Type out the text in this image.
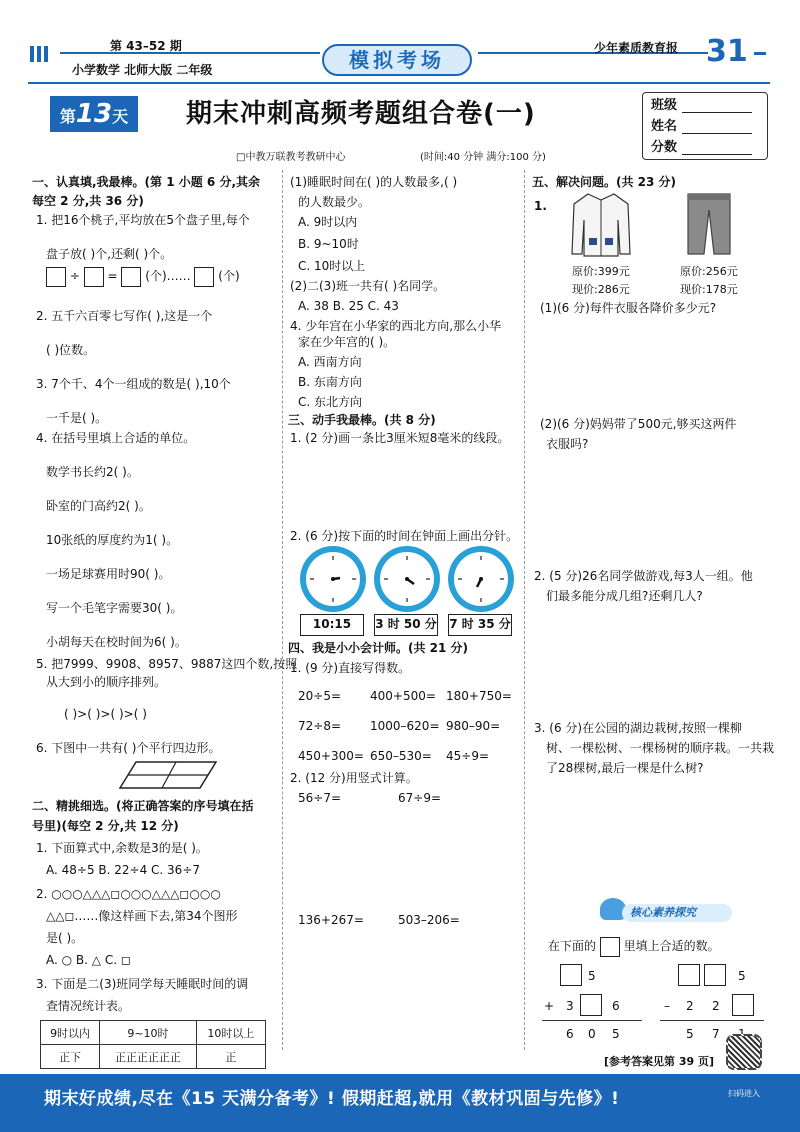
第 43–52 期
小学数学 北师大版 二年级	模拟考场	少年素质教育报 31
第13天	期末冲刺高频考题组合卷(一)
□中教万联教考教研中心	(时间:40 分钟 满分:100 分)
班级
姓名
分数
一、认真填,我最棒。(第 1 小题 6 分,其余
每空 2 分,共 36 分)
1. 把16个桃子,平均放在5个盘子里,每个
盘子放( )个,还剩( )个。
÷ = (个)…… (个)
2. 五千六百零七写作( ),这是一个
( )位数。
3. 7个千、4个一组成的数是( ),10个
一千是( )。
4. 在括号里填上合适的单位。
数学书长约2( )。
卧室的门高约2( )。
10张纸的厚度约为1( )。
一场足球赛用时90( )。
写一个毛笔字需要30( )。
小胡每天在校时间为6( )。
5. 把7999、9908、8957、9887这四个数,按照
从大到小的顺序排列。
( )>( )>( )>( )
6. 下图中一共有( )个平行四边形。
二、精挑细选。(将正确答案的序号填在括
号里)(每空 2 分,共 12 分)
1. 下面算式中,余数是3的是( )。
A. 48÷5 B. 22÷4 C. 36÷7
2. ○○○△△△◻○○○△△△◻○○○
△△◻……像这样画下去,第34个图形
是( )。
A. ○ B. △ C. ◻
3. 下面是二(3)班同学每天睡眠时间的调
查情况统计表。
9时以内	9~10时	10时以上
正下	正正正正正正	正
(1)睡眠时间在( )的人数最多,( )
的人数最少。
A. 9时以内
B. 9~10时
C. 10时以上
(2)二(3)班一共有( )名同学。
A. 38 B. 25 C. 43
4. 少年宫在小华家的西北方向,那么小华
家在少年宫的( )。
A. 西南方向
B. 东南方向
C. 东北方向
三、动手我最棒。(共 8 分)
1. (2 分)画一条比3厘米短8毫米的线段。
2. (6 分)按下面的时间在钟面上画出分针。
10:15	3 时 50 分 7 时 35 分
四、我是小小会计师。(共 21 分)
1. (9 分)直接写得数。
20÷5= 400+500= 180+750=
72÷8= 1000–620= 980–90=
450+300= 650–530= 45÷9=
2. (12 分)用竖式计算。
56÷7=	67÷9=
136+267=	503–206=
五、解决问题。(共 23 分)
1.
原价:399元
现价:286元
原价:256元
现价:178元
(1)(6 分)每件衣服各降价多少元?
(2)(6 分)妈妈带了500元,够买这两件
衣服吗?
2. (5 分)26名同学做游戏,每3人一组。他
们最多能分成几组?还剩几人?
3. (6 分)在公园的湖边栽树,按照一棵柳
树、一棵松树、一棵杨树的顺序栽。一共栽
了28棵树,最后一棵是什么树?
核心素养探究
在下面的 里填上合适的数。
5
+ 3	6
6 0 5
5
– 2 2
5 7
[参考答案见第 39 页]
扫码进入
期末好成绩,尽在《15 天满分备考》! 假期赶超,就用《教材巩固与先修》!
